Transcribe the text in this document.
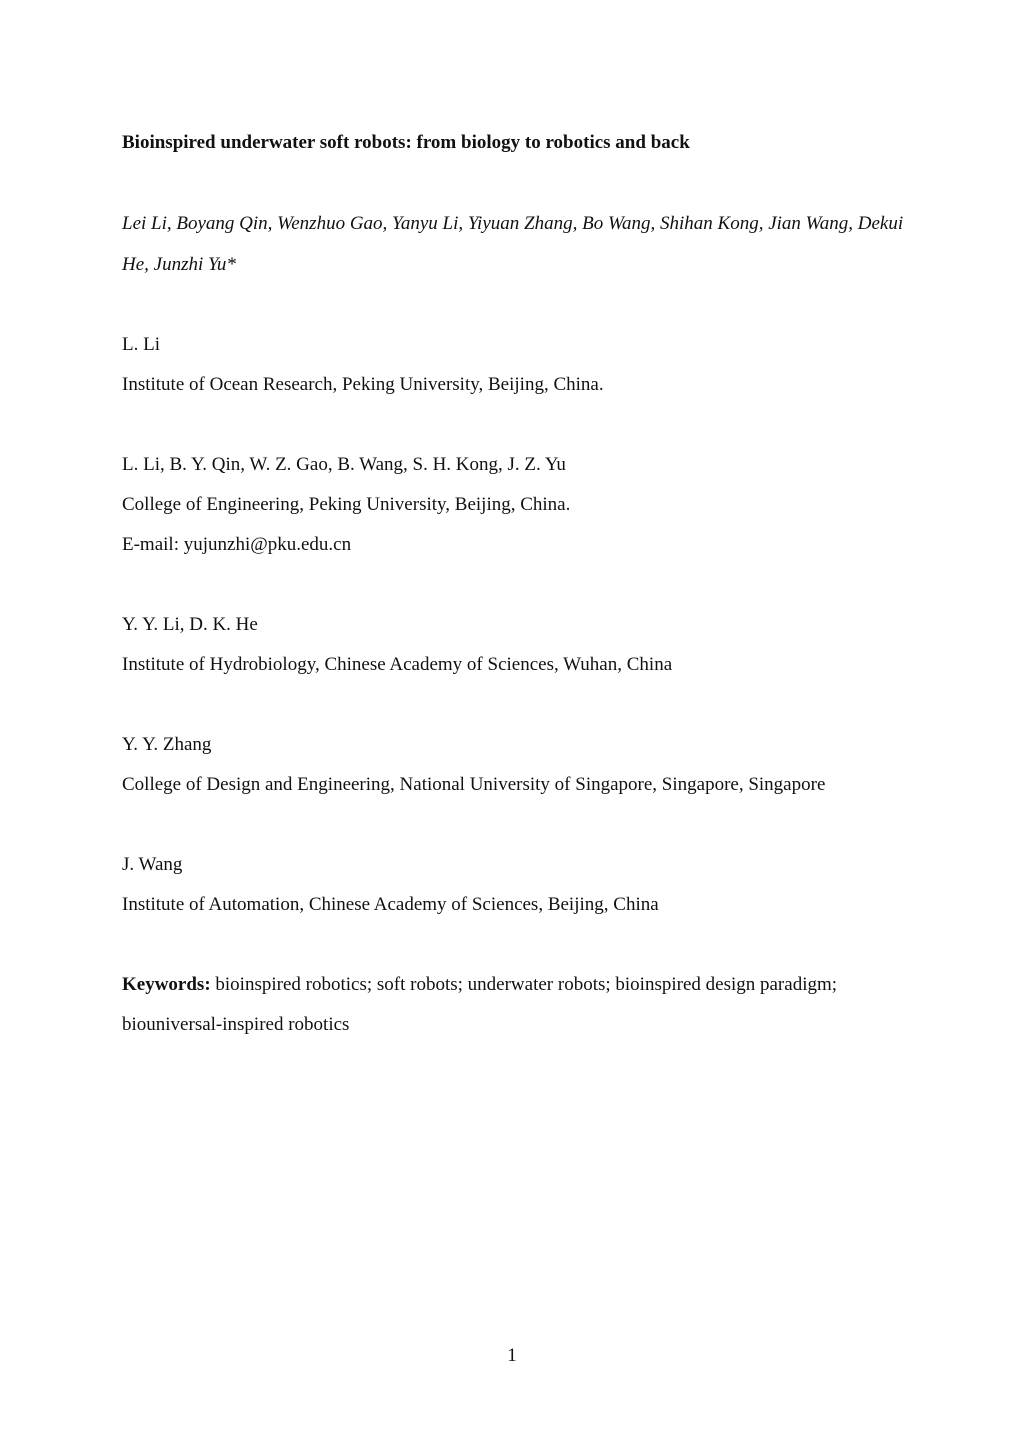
Bioinspired underwater soft robots: from biology to robotics and back
Lei Li, Boyang Qin, Wenzhuo Gao, Yanyu Li, Yiyuan Zhang, Bo Wang, Shihan Kong, Jian Wang, Dekui He, Junzhi Yu*
L. Li
Institute of Ocean Research, Peking University, Beijing, China.
L. Li, B. Y. Qin, W. Z. Gao, B. Wang, S. H. Kong, J. Z. Yu
College of Engineering, Peking University, Beijing, China.
E-mail: yujunzhi@pku.edu.cn
Y. Y. Li, D. K. He
Institute of Hydrobiology, Chinese Academy of Sciences, Wuhan, China
Y. Y. Zhang
College of Design and Engineering, National University of Singapore, Singapore, Singapore
J. Wang
Institute of Automation, Chinese Academy of Sciences, Beijing, China
Keywords: bioinspired robotics; soft robots; underwater robots; bioinspired design paradigm; biouniversal-inspired robotics
1
